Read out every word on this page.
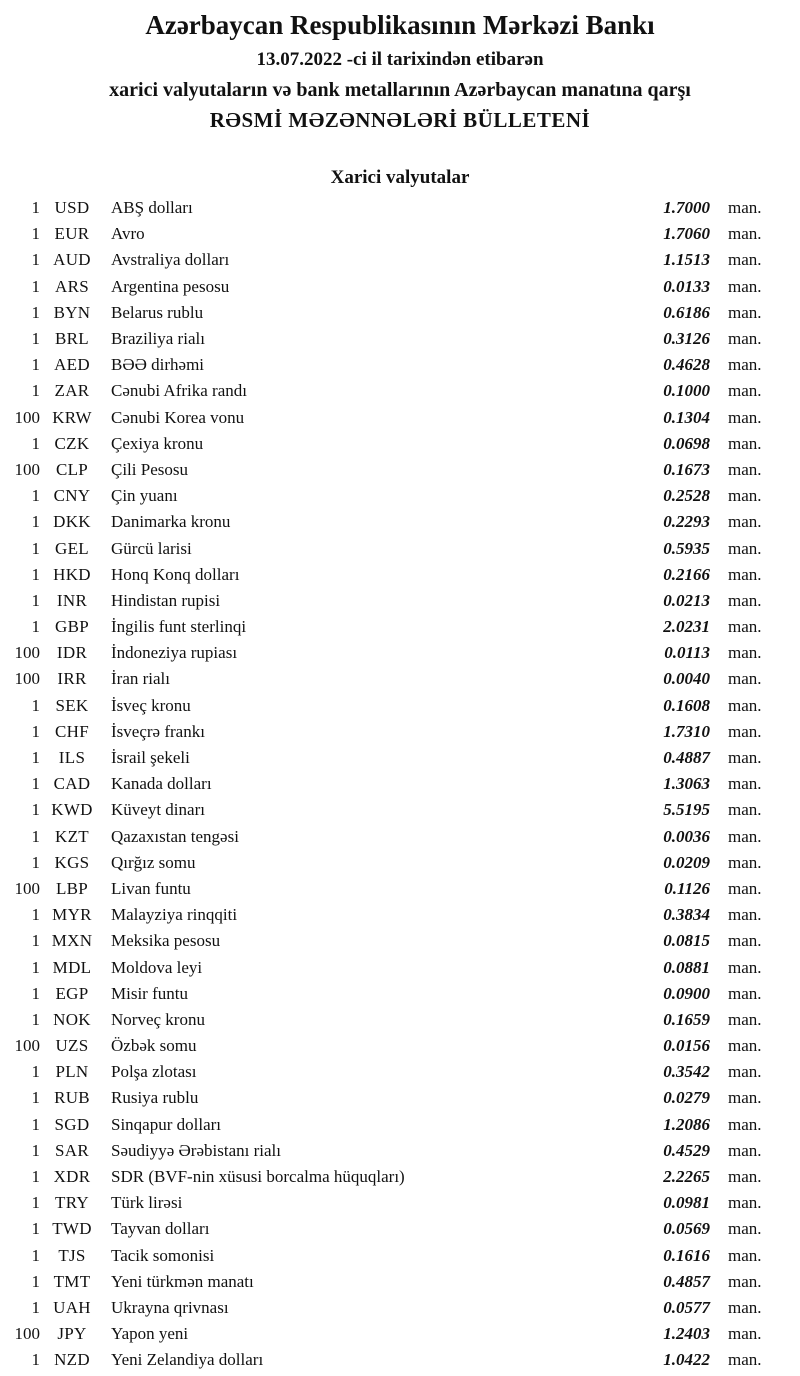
Azərbaycan Respublikasının Mərkəzi Bankı
13.07.2022 -ci il tarixindən etibarən
xarici valyutaların və bank metallarının Azərbaycan manatına qarşı
RƏSMİ MƏZƏNNƏLƏRİ BÜLLETENİ
Xarici valyutalar
1 USD	ABŞ dolları	1.7000	man.
1 EUR	Avro	1.7060	man.
1 AUD	Avstraliya dolları	1.1513	man.
1 ARS	Argentina pesosu	0.0133	man.
1 BYN	Belarus rublu	0.6186	man.
1 BRL	Braziliya rialı	0.3126	man.
1 AED	BƏƏ dirhəmi	0.4628	man.
1 ZAR	Cənubi Afrika randı	0.1000	man.
100 KRW	Cənubi Korea vonu	0.1304	man.
1 CZK	Çexiya kronu	0.0698	man.
100 CLP	Çili Pesosu	0.1673	man.
1 CNY	Çin yuanı	0.2528	man.
1 DKK	Danimarka kronu	0.2293	man.
1 GEL	Gürcü larisi	0.5935	man.
1 HKD	Honq Konq dolları	0.2166	man.
1 INR	Hindistan rupisi	0.0213	man.
1 GBP	İngilis funt sterlinqi	2.0231	man.
100 IDR	İndoneziya rupiası	0.0113	man.
100	IRR	İran rialı	0.0040	man.
1 SEK	İsveç kronu	0.1608	man.
1 CHF	İsveçrə frankı	1.7310	man.
1	ILS	İsrail şekeli	0.4887	man.
1 CAD	Kanada dolları	1.3063	man.
1 KWD	Küveyt dinarı	5.5195	man.
1 KZT	Qazaxıstan tengəsi	0.0036	man.
1 KGS	Qırğız somu	0.0209	man.
100 LBP	Livan funtu	0.1126	man.
1 MYR	Malayziya rinqqiti	0.3834	man.
1 MXN	Meksika pesosu	0.0815	man.
1 MDL	Moldova leyi	0.0881	man.
1 EGP	Misir funtu	0.0900	man.
1 NOK	Norveç kronu	0.1659	man.
100 UZS	Özbək somu	0.0156	man.
1 PLN	Polşa zlotası	0.3542	man.
1 RUB	Rusiya rublu	0.0279	man.
1 SGD	Sinqapur dolları	1.2086	man.
1 SAR	Səudiyyə Ərəbistanı rialı	0.4529	man.
1 XDR	SDR (BVF-nin xüsusi borcalma hüquqları)	2.2265	man.
1 TRY	Türk lirəsi	0.0981	man.
1 TWD	Tayvan dolları	0.0569	man.
1	TJS	Tacik somonisi	0.1616	man.
1 TMT	Yeni türkmən manatı	0.4857	man.
1 UAH	Ukrayna qrivnası	0.0577	man.
100	JPY	Yapon yeni	1.2403	man.
1 NZD	Yeni Zelandiya dolları	1.0422	man.
